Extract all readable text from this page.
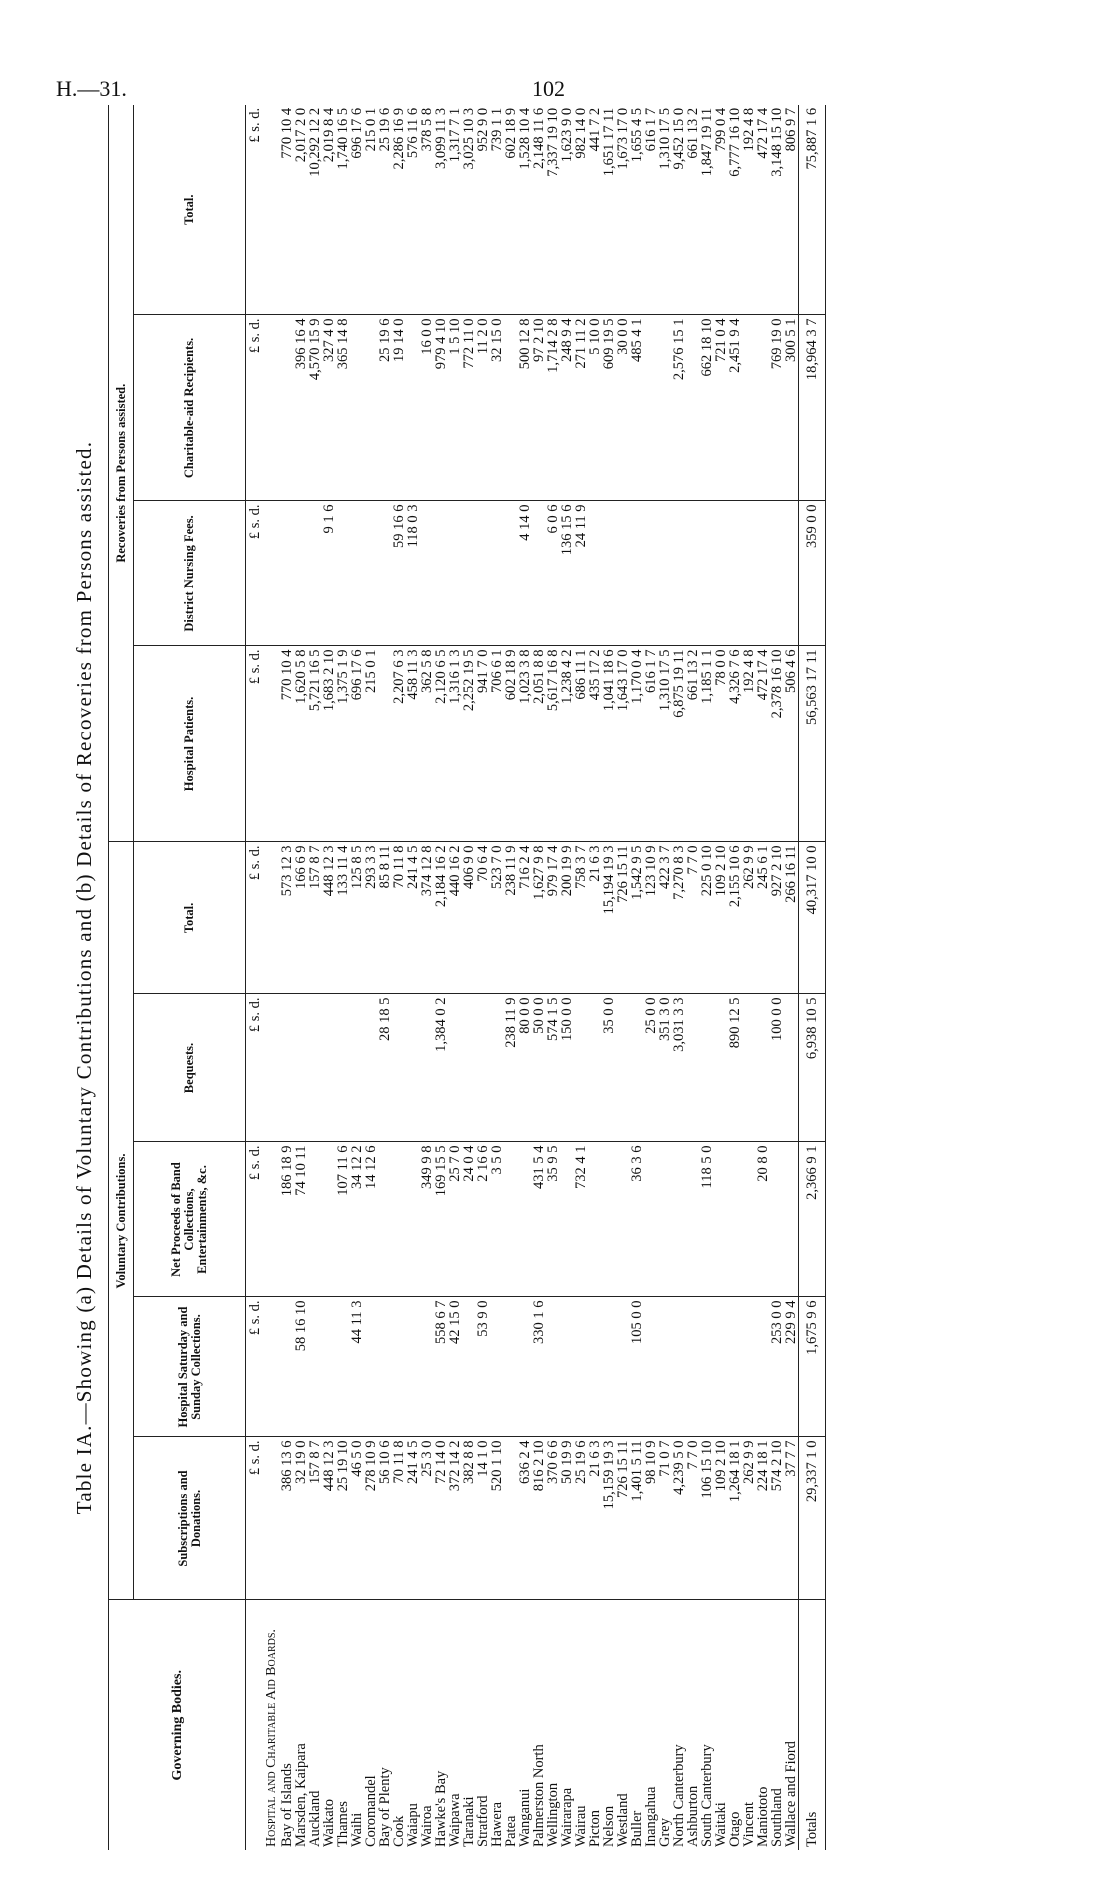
H.—31.	102
Table IA.—Showing (a) Details of Voluntary Contributions and (b) Details of Recoveries from Persons assisted.
Governing Bodies.	Voluntary Contributions.					Recoveries from Persons assisted.			
	Subscriptions and Donations.	Hospital Saturday and Sunday Collections.	Net Proceeds of Band Collections, Entertainments, &c.	Bequests.	Total.	Hospital Patients.	District Nursing Fees.	Charitable-aid Recipients.	Total.
	£ s. d.	£ s. d.	£ s. d.	£ s. d.	£ s. d.	£ s. d.	£ s. d.	£ s. d.	£ s. d.
Hospital and Charitable Aid Boards.									
Bay of Islands	386 13 6		186 18 9		573 12 3	770 10 4			770 10 4
Marsden, Kaipara	32 19 0	58 16 10	74 10 11		166 6 9	1,620 5 8		396 16 4	2,017 2 0
Auckland	157 8 7				157 8 7	5,721 16 5		4,570 15 9	10,292 12 2
Waikato	448 12 3				448 12 3	1,683 2 10	9 1 6	327 4 0	2,019 8 4
Thames	25 19 10		107 11 6		133 11 4	1,375 1 9		365 14 8	1,740 16 5
Waihi	46 5 0	44 11 3	34 12 2		125 8 5	696 17 6			696 17 6
Coromandel	278 10 9		14 12 6		293 3 3	215 0 1			215 0 1
Bay of Plenty	56 10 6			28 18 5	85 8 11			25 19 6	25 19 6
Cook	70 11 8				70 11 8	2,207 6 3	59 16 6	19 14 0	2,286 16 9
Waiapu	241 4 5				241 4 5	458 11 3	118 0 3		576 11 6
Wairoa	25 3 0		349 9 8		374 12 8	362 5 8		16 0 0	378 5 8
Hawke's Bay	72 14 0	558 6 7	169 15 5	1,384 0 2	2,184 16 2	2,120 6 5		979 4 10	3,099 11 3
Waipawa	372 14 2	42 15 0	25 7 0		440 16 2	1,316 1 3		1 5 10	1,317 7 1
Taranaki	382 8 8		24 0 4		406 9 0	2,252 19 5		772 11 0	3,025 10 3
Stratford	14 1 0	53 9 0	2 16 6		70 6 4	941 7 0		11 2 0	952 9 0
Hawera	520 1 10		3 5 0		523 7 0	706 6 1		32 15 0	739 1 1
Patea				238 11 9	238 11 9	602 18 9			602 18 9
Wanganui	636 2 4			80 0 0	716 2 4	1,023 3 8	4 14 0	500 12 8	1,528 10 4
Palmerston North	816 2 10	330 1 6	431 5 4	50 0 0	1,627 9 8	2,051 8 8		97 2 10	2,148 11 6
Wellington	370 6 6		35 9 5	574 1 5	979 17 4	5,617 16 8	6 0 6	1,714 2 8	7,337 19 10
Wairarapa	50 19 9			150 0 0	200 19 9	1,238 4 2	136 15 6	248 9 4	1,623 9 0
Wairau	25 19 6		732 4 1		758 3 7	686 11 1	24 11 9	271 11 2	982 14 0
Picton	21 6 3				21 6 3	435 17 2		5 10 0	441 7 2
Nelson	15,159 19 3			35 0 0	15,194 19 3	1,041 18 6		609 19 5	1,651 17 11
Westland	726 15 11				726 15 11	1,643 17 0		30 0 0	1,673 17 0
Buller	1,401 5 11	105 0 0	36 3 6		1,542 9 5	1,170 0 4		485 4 1	1,655 4 5
Inangahua	98 10 9			25 0 0	123 10 9	616 1 7			616 1 7
Grey	71 0 7			351 3 0	422 3 7	1,310 17 5			1,310 17 5
North Canterbury	4,239 5 0			3,031 3 3	7,270 8 3	6,875 19 11		2,576 15 1	9,452 15 0
Ashburton	7 7 0				7 7 0	661 13 2			661 13 2
South Canterbury	106 15 10		118 5 0		225 0 10	1,185 1 1		662 18 10	1,847 19 11
Waitaki	109 2 10				109 2 10	78 0 0		721 0 4	799 0 4
Otago	1,264 18 1			890 12 5	2,155 10 6	4,326 7 6		2,451 9 4	6,777 16 10
Vincent	262 9 9				262 9 9	192 4 8			192 4 8
Maniototo	224 18 1		20 8 0		245 6 1	472 17 4			472 17 4
Southland	574 2 10	253 0 0		100 0 0	927 2 10	2,378 16 10		769 19 0	3,148 15 10
Wallace and Fiord	37 7 7	229 9 4			266 16 11	506 4 6		300 5 1	806 9 7
Totals	29,337 1 0	1,675 9 6	2,366 9 1	6,938 10 5	40,317 10 0	56,563 17 11	359 0 0	18,964 3 7	75,887 1 6
